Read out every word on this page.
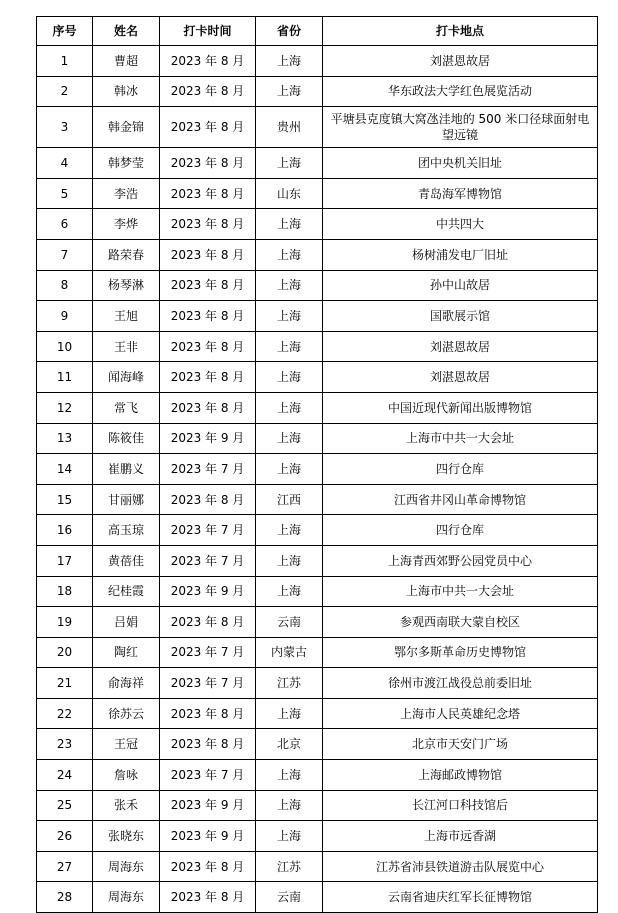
序号	姓名	打卡时间	省份	打卡地点
1	曹超	2023 年 8 月	上海	刘湛恩故居
2	韩冰	2023 年 8 月	上海	华东政法大学红色展览活动
3	韩金锦	2023 年 8 月	贵州	平塘县克度镇大窝氹洼地的 500 米口径球面射电望远镜
4	韩梦莹	2023 年 8 月	上海	团中央机关旧址
5	李浩	2023 年 8 月	山东	青岛海军博物馆
6	李烨	2023 年 8 月	上海	中共四大
7	路荣春	2023 年 8 月	上海	杨树浦发电厂旧址
8	杨琴淋	2023 年 8 月	上海	孙中山故居
9	王旭	2023 年 8 月	上海	国歌展示馆
10	王非	2023 年 8 月	上海	刘湛恩故居
11	闻海峰	2023 年 8 月	上海	刘湛恩故居
12	常飞	2023 年 8 月	上海	中国近现代新闻出版博物馆
13	陈筱佳	2023 年 9 月	上海	上海市中共一大会址
14	崔鹏义	2023 年 7 月	上海	四行仓库
15	甘丽娜	2023 年 8 月	江西	江西省井冈山革命博物馆
16	高玉琼	2023 年 7 月	上海	四行仓库
17	黄蓓佳	2023 年 7 月	上海	上海青西郊野公园党员中心
18	纪桂霞	2023 年 9 月	上海	上海市中共一大会址
19	吕娟	2023 年 8 月	云南	参观西南联大蒙自校区
20	陶红	2023 年 7 月	内蒙古	鄂尔多斯革命历史博物馆
21	俞海祥	2023 年 7 月	江苏	徐州市渡江战役总前委旧址
22	徐苏云	2023 年 8 月	上海	上海市人民英雄纪念塔
23	王冠	2023 年 8 月	北京	北京市天安门广场
24	詹咏	2023 年 7 月	上海	上海邮政博物馆
25	张禾	2023 年 9 月	上海	长江河口科技馆后
26	张晓东	2023 年 9 月	上海	上海市远香湖
27	周海东	2023 年 8 月	江苏	江苏省沛县铁道游击队展览中心
28	周海东	2023 年 8 月	云南	云南省迪庆红军长征博物馆
